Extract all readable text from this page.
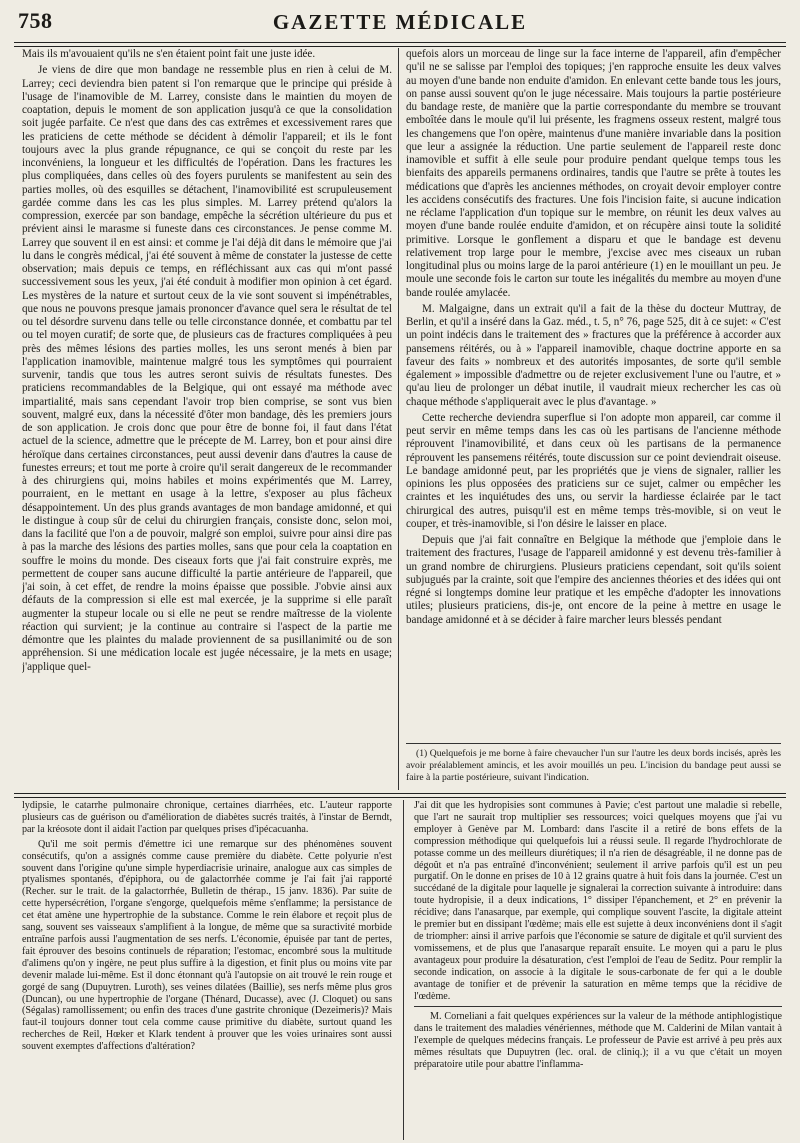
758	GAZETTE MÉDICALE

Mais ils m'avouaient qu'ils ne s'en étaient point fait une juste idée.

Je viens de dire que mon bandage ne ressemble plus en rien à celui de M. Larrey; ceci deviendra bien patent si l'on remarque que le principe qui préside à l'usage de l'inamovible de M. Larrey, consiste dans le maintien du moyen de coaptation, depuis le moment de son application jusqu'à ce que la consolidation soit jugée parfaite. Ce n'est que dans des cas extrêmes et excessivement rares que les praticiens de cette méthode se décident à démolir l'appareil; et ils le font toujours avec la plus grande répugnance, ce qui se conçoit du reste par les inconvéniens, la longueur et les difficultés de l'opération. Dans les fractures les plus compliquées, dans celles où des foyers purulents se manifestent au sein des parties molles, où des esquilles se détachent, l'inamovibilité est scrupuleusement gardée comme dans les cas les plus simples. M. Larrey prétend qu'alors la compression, exercée par son bandage, empêche la sécrétion ultérieure du pus et prévient ainsi le marasme si funeste dans ces circonstances. Je pense comme M. Larrey que souvent il en est ainsi: et comme je l'ai déjà dit dans le mémoire que j'ai lu dans le congrès médical, j'ai été souvent à même de constater la justesse de cette observation; mais depuis ce temps, en réfléchissant aux cas qui m'ont passé successivement sous les yeux, j'ai été conduit à modifier mon opinion à cet égard. Les mystères de la nature et surtout ceux de la vie sont souvent si impénétrables, que nous ne pouvons presque jamais prononcer d'avance quel sera le résultat de tel ou tel désordre survenu dans telle ou telle circonstance donnée, et combattu par tel ou tel moyen curatif; de sorte que, de plusieurs cas de fractures compliquées à peu près des mêmes lésions des parties molles, les uns seront menés à bien par l'application inamovible, maintenue malgré tous les symptômes qui pourraient survenir, tandis que tous les autres seront suivis de résultats funestes. Des praticiens recommandables de la Belgique, qui ont essayé ma méthode avec impartialité, mais sans cependant l'avoir trop bien comprise, se sont vus bien souvent, malgré eux, dans la nécessité d'ôter mon bandage, dès les premiers jours de son application. Je crois donc que pour être de bonne foi, il faut dans l'état actuel de la science, admettre que le précepte de M. Larrey, bon et pour ainsi dire héroïque dans certaines circonstances, peut aussi devenir dans d'autres la cause de funestes erreurs; et tout me porte à croire qu'il serait dangereux de le recommander à des chirurgiens qui, moins habiles et moins expérimentés que M. Larrey, pourraient, en le mettant en usage à la lettre, s'exposer au plus fâcheux désappointement. Un des plus grands avantages de mon bandage amidonné, et qui le distingue à coup sûr de celui du chirurgien français, consiste donc, selon moi, dans la facilité que l'on a de pouvoir, malgré son emploi, suivre pour ainsi dire pas à pas la marche des lésions des parties molles, sans que pour cela la coaptation en souffre le moins du monde. Des ciseaux forts que j'ai fait construire exprès, me permettent de couper sans aucune difficulté la partie antérieure de l'appareil, que j'ai soin, à cet effet, de rendre la moins épaisse que possible. J'obvie ainsi aux défauts de la compression si elle est mal exercée, je la supprime si elle paraît augmenter la stupeur locale ou si elle ne peut se rendre maîtresse de la violente réaction qui survient; je la continue au contraire si l'aspect de la partie me démontre que les plaintes du malade proviennent de sa pusillanimité ou de son appréhension. Si une médication locale est jugée nécessaire, je la mets en usage; j'applique quel-

quefois alors un morceau de linge sur la face interne de l'appareil, afin d'empêcher qu'il ne se salisse par l'emploi des topiques; j'en rapproche ensuite les deux valves au moyen d'une bande non enduite d'amidon. En enlevant cette bande tous les jours, on panse aussi souvent qu'on le juge nécessaire. Mais toujours la partie postérieure du bandage reste, de manière que la partie correspondante du membre se trouvant emboîtée dans le moule qu'il lui présente, les fragmens osseux restent, malgré tous les changemens que l'on opère, maintenus d'une manière invariable dans la position que leur a assignée la réduction. Une partie seulement de l'appareil reste donc inamovible et suffit à elle seule pour produire pendant quelque temps tous les bienfaits des appareils permanens ordinaires, tandis que l'autre se prête à toutes les médications que d'après les anciennes méthodes, on croyait devoir employer contre les accidens consécutifs des fractures. Une fois l'incision faite, si aucune indication ne réclame l'application d'un topique sur le membre, on réunit les deux valves au moyen d'une bande roulée enduite d'amidon, et on récupère ainsi toute la solidité primitive. Lorsque le gonflement a disparu et que le bandage est devenu relativement trop large pour le membre, j'excise avec mes ciseaux un ruban longitudinal plus ou moins large de la paroi antérieure (1) en le mouillant un peu. Je moule une seconde fois le carton sur toute les inégalités du membre au moyen d'une bande roulée amylacée.

M. Malgaigne, dans un extrait qu'il a fait de la thèse du docteur Muttray, de Berlin, et qu'il a inséré dans la Gaz. méd., t. 5, n° 76, page 525, dit à ce sujet: « C'est un point indécis dans le traitement des » fractures que la préférence à accorder aux pansemens réitérés, ou à » l'appareil inamovible, chaque doctrine apporte en sa faveur des faits » nombreux et des autorités imposantes, de sorte qu'il semble également » impossible d'admettre ou de rejeter exclusivement l'une ou l'autre, et » qu'au lieu de prolonger un débat inutile, il vaudrait mieux rechercher les cas où chaque méthode s'appliquerait avec le plus d'avantage. »

Cette recherche deviendra superflue si l'on adopte mon appareil, car comme il peut servir en même temps dans les cas où les partisans de l'ancienne méthode réprouvent l'inamovibilité, et dans ceux où les partisans de la permanence réprouvent les pansemens réitérés, toute discussion sur ce point deviendrait oiseuse. Le bandage amidonné peut, par les propriétés que je viens de signaler, rallier les opinions les plus opposées des praticiens sur ce sujet, calmer ou empêcher les craintes et les inquiétudes des uns, ou servir la hardiesse éclairée par le tact chirurgical des autres, puisqu'il est en même temps très-movible, si on veut le couper, et très-inamovible, si l'on désire le laisser en place.

Depuis que j'ai fait connaître en Belgique la méthode que j'emploie dans le traitement des fractures, l'usage de l'appareil amidonné y est devenu très-familier à un grand nombre de chirurgiens. Plusieurs praticiens cependant, soit qu'ils soient subjugués par la crainte, soit que l'empire des anciennes théories et des idées qui ont régné si longtemps domine leur pratique et les empêche d'adopter les innovations utiles; plusieurs praticiens, dis-je, ont encore de la peine à mettre en usage le bandage amidonné et à se décider à faire marcher leurs blessés pendant

(1) Quelquefois je me borne à faire chevaucher l'un sur l'autre les deux bords incisés, après les avoir préalablement amincis, et les avoir mouillés un peu. L'incision du bandage peut aussi se faire à la partie postérieure, suivant l'indication.

lydipsie, le catarrhe pulmonaire chronique, certaines diarrhées, etc. L'auteur rapporte plusieurs cas de guérison ou d'amélioration de diabètes sucrés traités, à l'instar de Berndt, par la kréosote dont il aidait l'action par quelques prises d'ipécacuanha.

Qu'il me soit permis d'émettre ici une remarque sur des phénomènes souvent consécutifs, qu'on a assignés comme cause première du diabète. Cette polyurie n'est souvent dans l'origine qu'une simple hyperdiacrisie urinaire, analogue aux cas simples de ptyalismes spontanés, d'épiphora, ou de galactorrhée comme je l'ai fait j'ai rapporté (Recher. sur le trait. de la galactorrhée, Bulletin de thérap., 15 janv. 1836). Par suite de cette hypersécrétion, l'organe s'engorge, quelquefois même s'enflamme; la persistance de cet état amène une hypertrophie de la substance. Comme le rein élabore et reçoit plus de sang, souvent ses vaisseaux s'amplifient à la longue, de même que sa suractivité morbide entraîne parfois aussi l'augmentation de ses nerfs. L'économie, épuisée par tant de pertes, fait éprouver des besoins continuels de réparation; l'estomac, encombré sous la multitude d'alimens qu'on y ingère, ne peut plus suffire à la digestion, et finit plus ou moins vite par devenir malade lui-même. Est il donc étonnant qu'à l'autopsie on ait trouvé le rein rouge et gorgé de sang (Dupuytren. Luroth), ses veines dilatées (Baillie), ses nerfs même plus gros (Duncan), ou une hypertrophie de l'organe (Thénard, Ducasse), avec (J. Cloquet) ou sans (Ségalas) ramollissement; ou enfin des traces d'une gastrite chronique (Dezeimeris)? Mais faut-il toujours donner tout cela comme cause primitive du diabète, surtout quand les recherches de Reil, Hœker et Klark tendent à prouver que les voies urinaires sont aussi souvent exemptes d'affections d'altération?

J'ai dit que les hydropisies sont communes à Pavie; c'est partout une maladie si rebelle, que l'art ne saurait trop multiplier ses ressources; voici quelques moyens que j'ai vu employer à Genève par M. Lombard: dans l'ascite il a retiré de bons effets de la compression méthodique qui quelquefois lui a réussi seule. Il regarde l'hydrochlorate de potasse comme un des meilleurs diurétiques; il n'a rien de désagréable, il ne donne pas de dégoût et n'a pas entraîné d'inconvénient; seulement il arrive parfois qu'il est un peu purgatif. On le donne en prises de 10 à 12 grains quatre à huit fois dans la journée. C'est un succédané de la digitale pour laquelle je signalerai la correction suivante à introduire: dans toute hydropisie, il a deux indications, 1° dissiper l'épanchement, et 2° en prévenir la récidive; dans l'anasarque, par exemple, qui complique souvent l'ascite, la digitale atteint le premier but en dissipant l'œdème; mais elle est sujette à deux inconvéniens dont il s'agit de triompher: ainsi il arrive parfois que l'économie se sature de digitale et qu'il survient des vomissemens, et de plus que l'anasarque reparaît ensuite. Le moyen qui a paru le plus avantageux pour produire la désaturation, c'est l'emploi de l'eau de Seditz. Pour remplir la seconde indication, on associe à la digitale le sous-carbonate de fer qui a le double avantage de tonifier et de prévenir la saturation en même temps que la récidive de l'œdème.

M. Corneliani a fait quelques expériences sur la valeur de la méthode antiphlogistique dans le traitement des maladies vénériennes, méthode que M. Calderini de Milan vantait à l'exemple de quelques médecins français. Le professeur de Pavie est arrivé à peu près aux mêmes résultats que Dupuytren (lec. oral. de cliniq.); il a vu que c'était un moyen préparatoire utile pour abattre l'inflamma-
